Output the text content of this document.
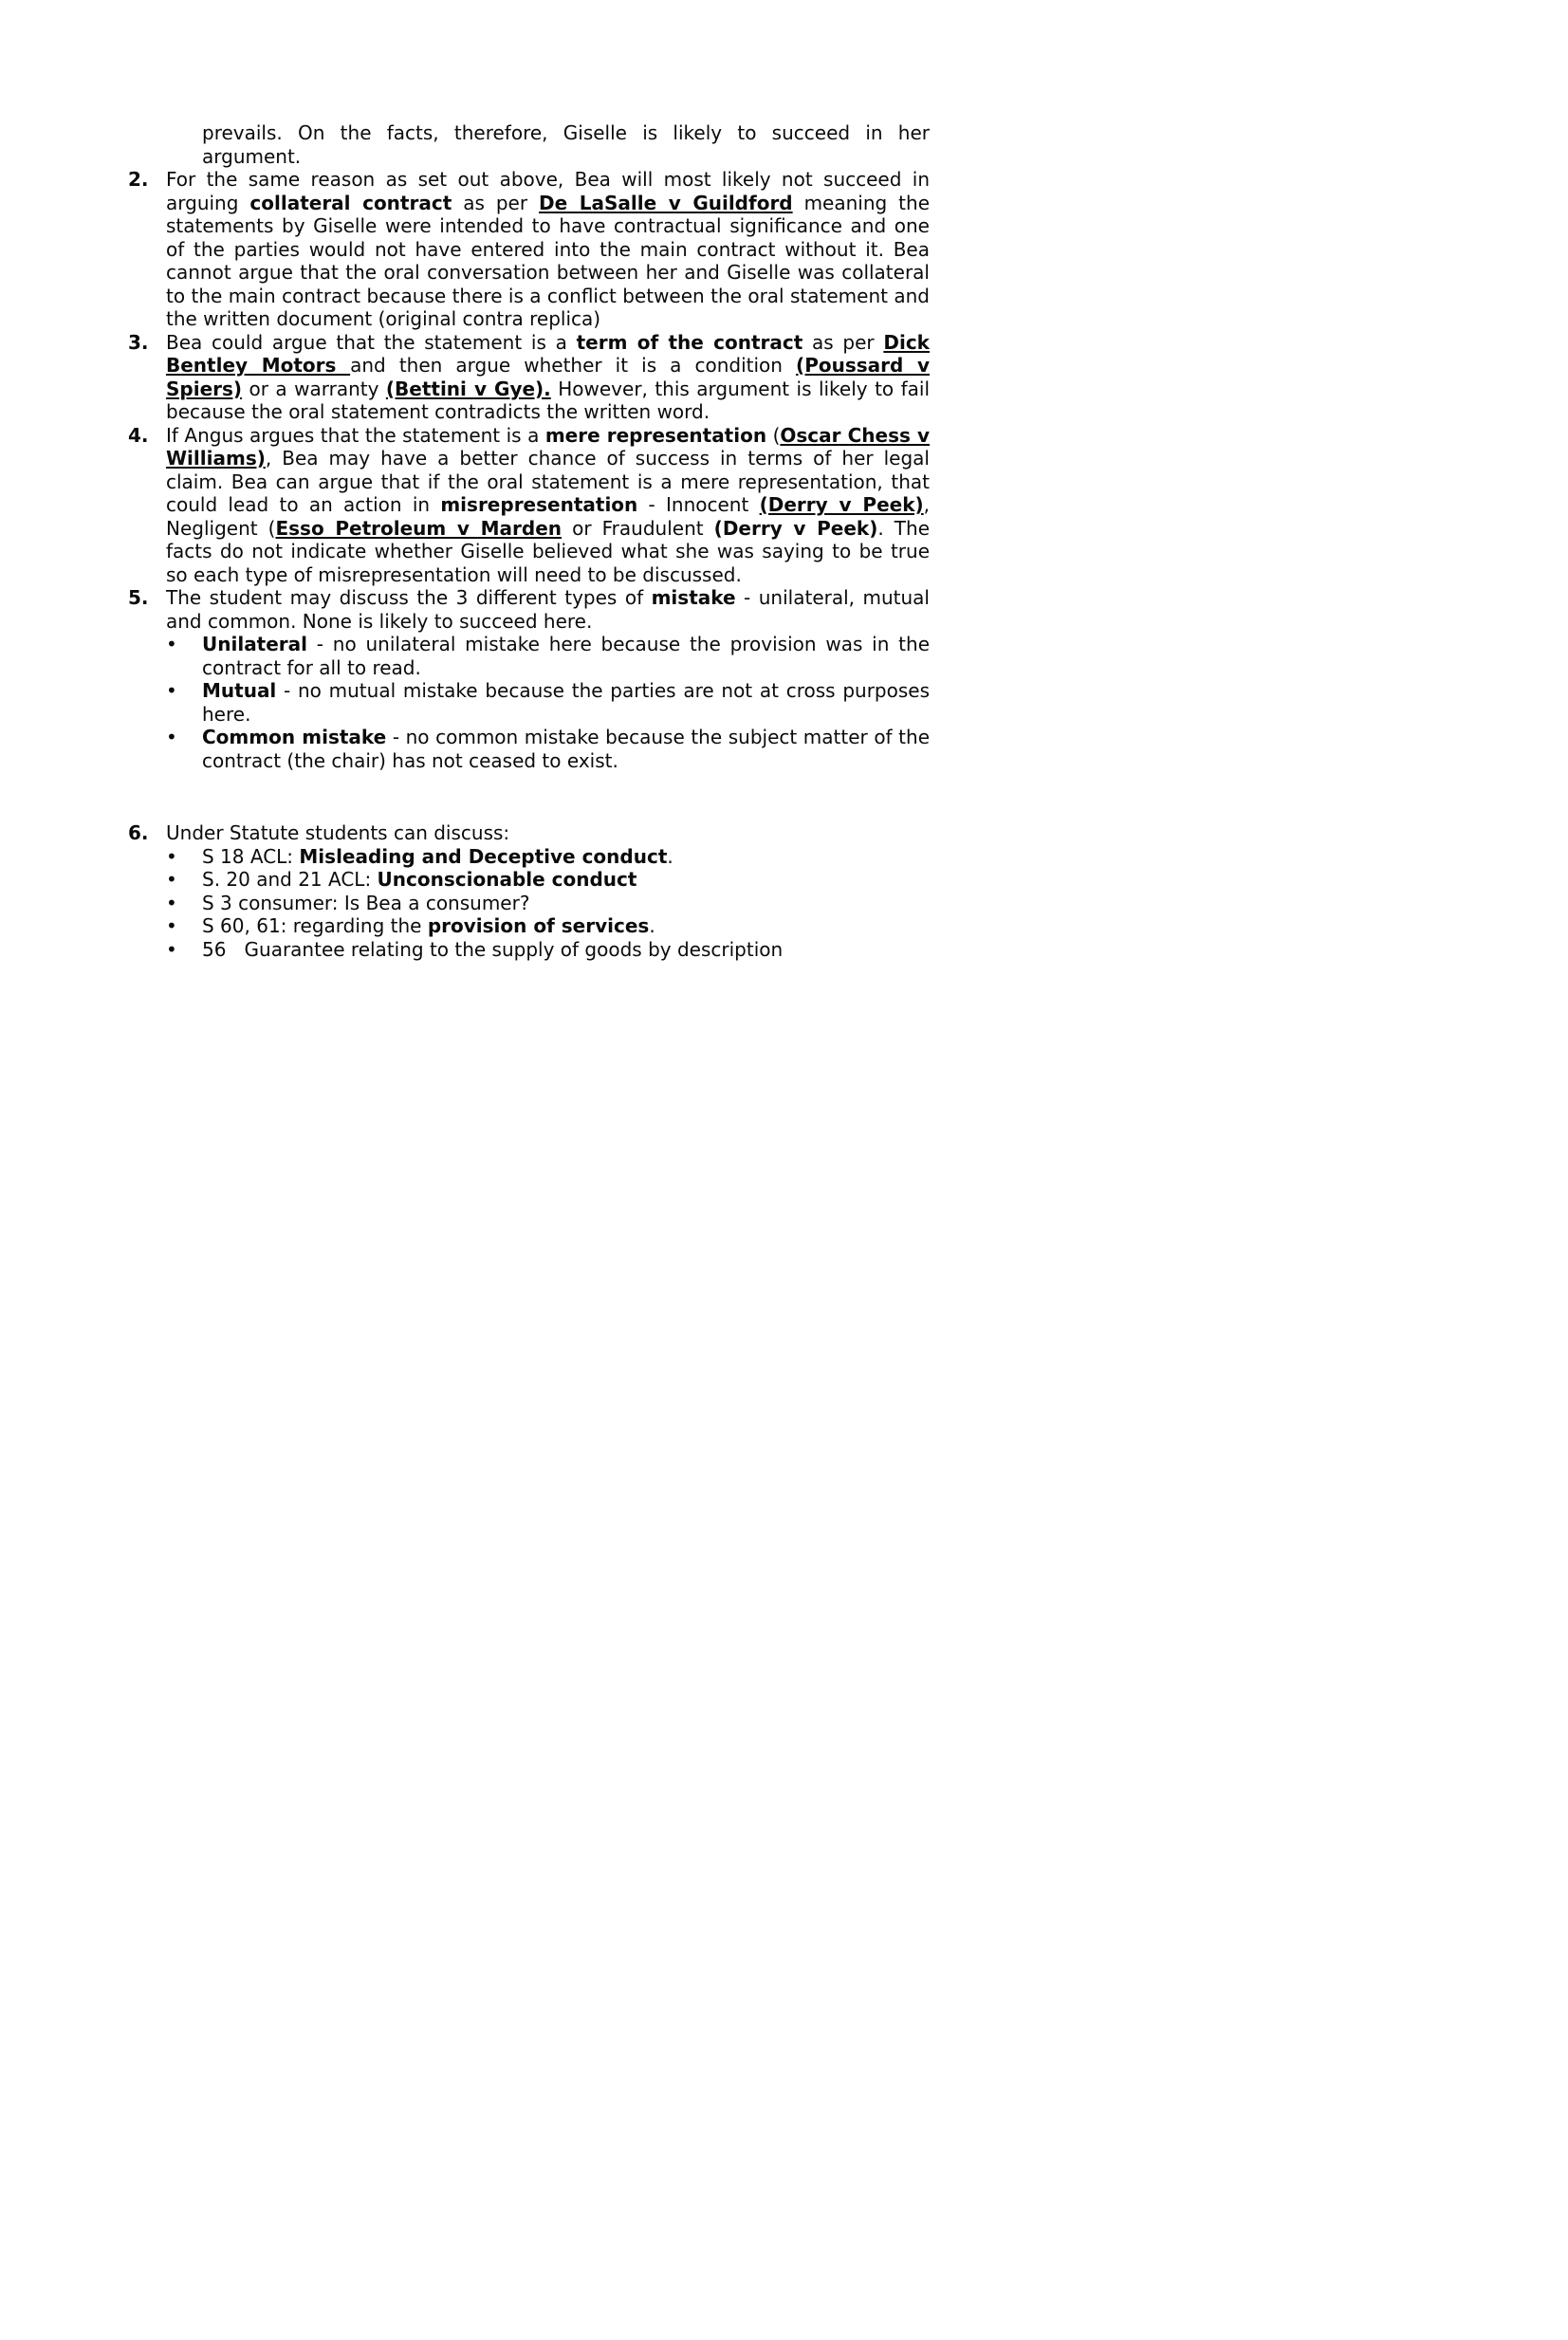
prevails. On the facts, therefore, Giselle is likely to succeed in her argument.

2. For the same reason as set out above, Bea will most likely not succeed in arguing collateral contract as per De LaSalle v Guildford meaning the statements by Giselle were intended to have contractual significance and one of the parties would not have entered into the main contract without it. Bea cannot argue that the oral conversation between her and Giselle was collateral to the main contract because there is a conflict between the oral statement and the written document (original contra replica)
3. Bea could argue that the statement is a term of the contract as per Dick Bentley Motors and then argue whether it is a condition (Poussard v Spiers) or a warranty (Bettini v Gye). However, this argument is likely to fail because the oral statement contradicts the written word.
4. If Angus argues that the statement is a mere representation (Oscar Chess v Williams), Bea may have a better chance of success in terms of her legal claim. Bea can argue that if the oral statement is a mere representation, that could lead to an action in misrepresentation - Innocent (Derry v Peek), Negligent (Esso Petroleum v Marden or Fraudulent (Derry v Peek). The facts do not indicate whether Giselle believed what she was saying to be true so each type of misrepresentation will need to be discussed.
5. The student may discuss the 3 different types of mistake - unilateral, mutual and common. None is likely to succeed here.
•	Unilateral - no unilateral mistake here because the provision was in the contract for all to read.
•	Mutual - no mutual mistake because the parties are not at cross purposes here.
•	Common mistake - no common mistake because the subject matter of the contract (the chair) has not ceased to exist.
6. Under Statute students can discuss:
•	S 18 ACL: Misleading and Deceptive conduct.
•	S. 20 and 21 ACL: Unconscionable conduct
•	S 3 consumer: Is Bea a consumer?
•	S 60, 61: regarding the provision of services.
•	56   Guarantee relating to the supply of goods by description
